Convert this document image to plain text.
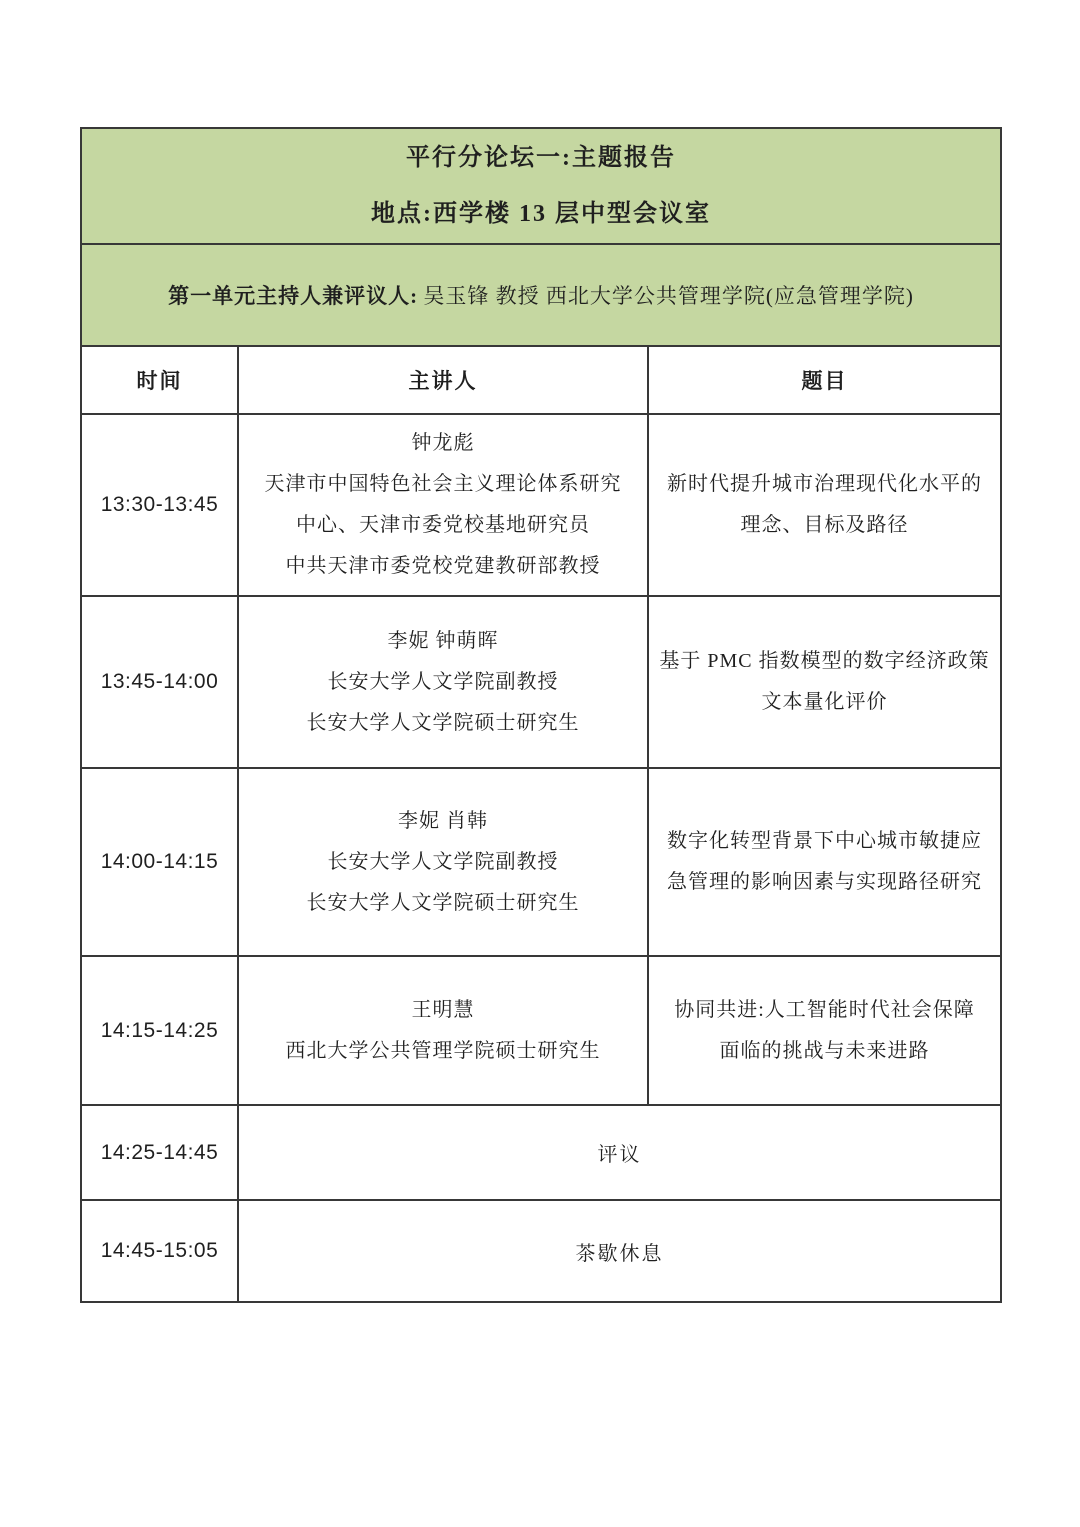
平行分论坛一:主题报告
地点:西学楼 13 层中型会议室		

第一单元主持人兼评议人: 吴玉锋 教授 西北大学公共管理学院(应急管理学院)		
时间	主讲人	题目
13:30-13:45	
钟龙彪
天津市中国特色社会主义理论体系研究
中心、天津市委党校基地研究员
中共天津市委党校党建教研部教授

新时代提升城市治理现代化水平的
理念、目标及路径

13:45-14:00	
李妮 钟萌晖
长安大学人文学院副教授
长安大学人文学院硕士研究生

基于 PMC 指数模型的数字经济政策
文本量化评价

14:00-14:15	
李妮 肖韩
长安大学人文学院副教授
长安大学人文学院硕士研究生

数字化转型背景下中心城市敏捷应
急管理的影响因素与实现路径研究

14:15-14:25	
王明慧
西北大学公共管理学院硕士研究生

协同共进:人工智能时代社会保障
面临的挑战与未来进路

14:25-14:45	评议	
14:45-15:05	茶歇休息	
